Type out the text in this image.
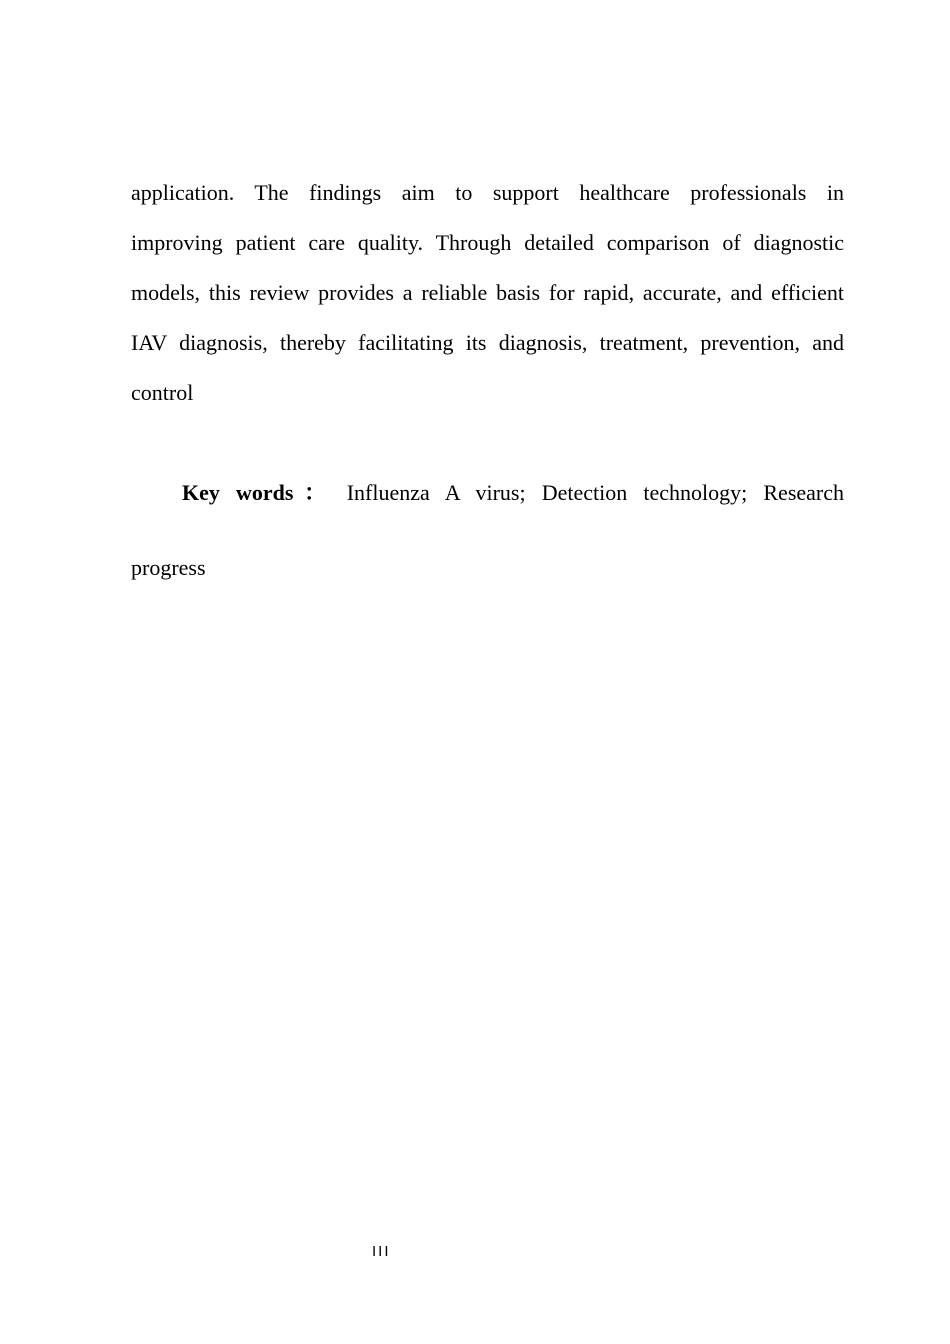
application. The findings aim to support healthcare professionals in
improving patient care quality. Through detailed comparison of diagnostic
models, this review provides a reliable basis for rapid, accurate, and efficient
IAV diagnosis, thereby facilitating its diagnosis, treatment, prevention, and
control
Key words： Influenza A virus; Detection technology; Research
progress
III
